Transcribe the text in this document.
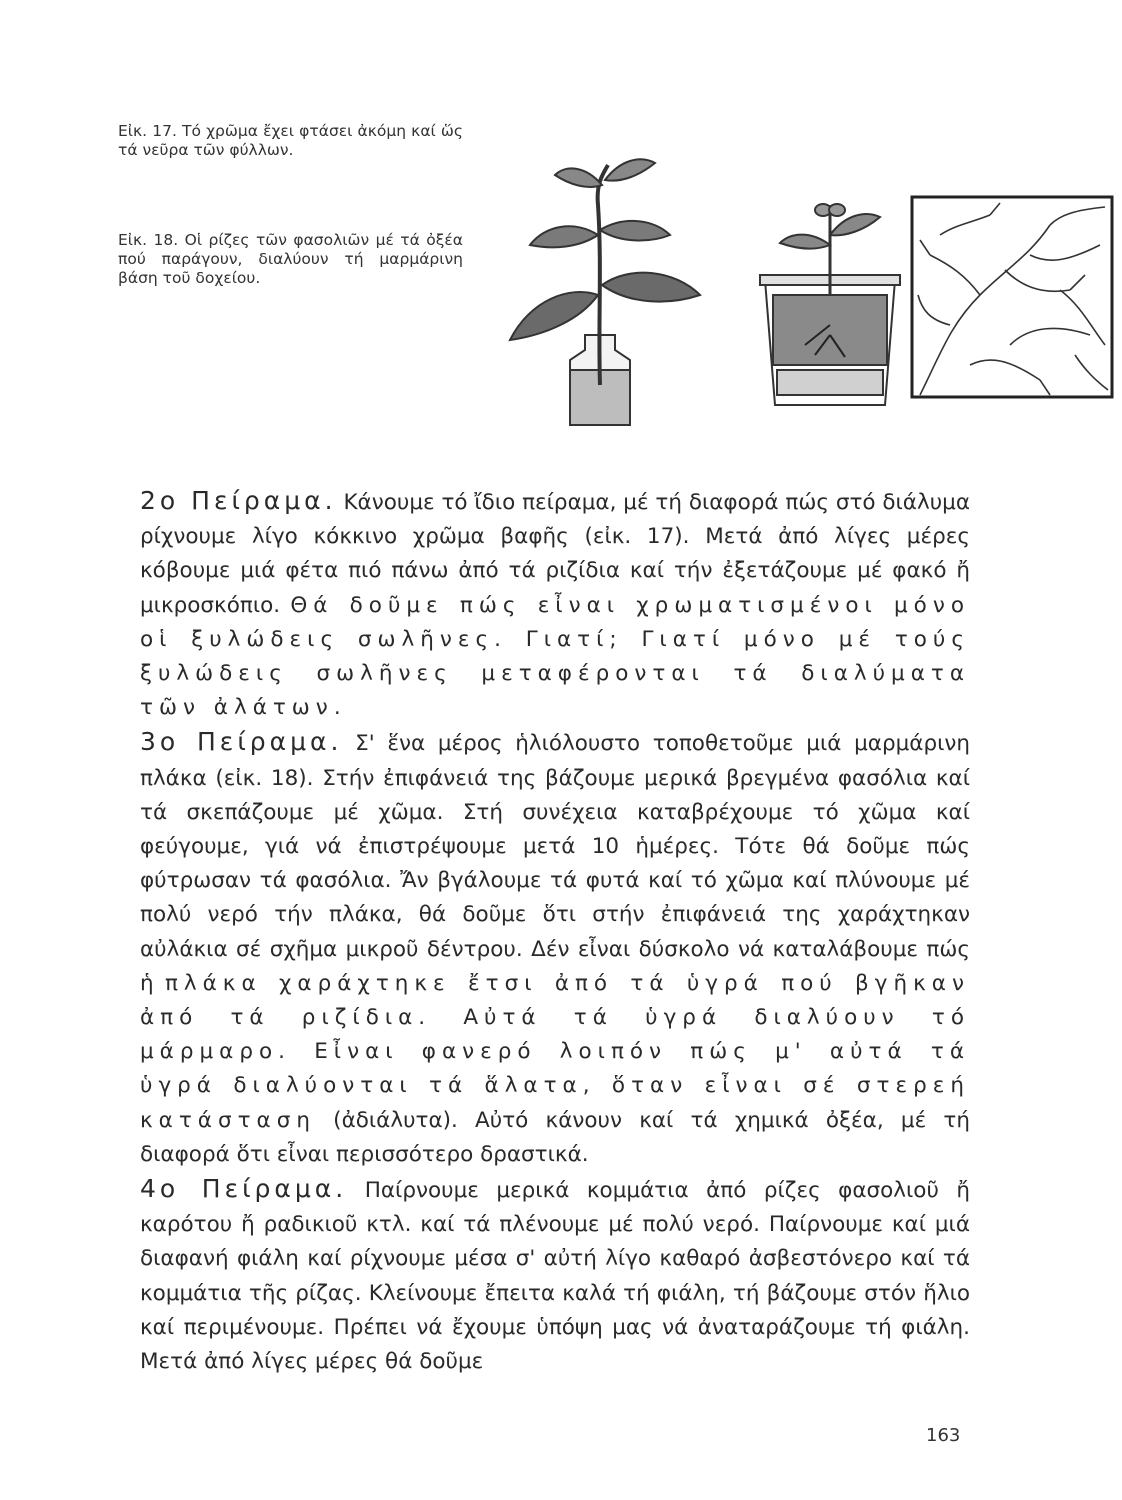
Εἰκ. 17. Τό χρῶμα ἔχει φτάσει ἀκόμη καί ὥς τά νεῦρα τῶν φύλλων.
Εἰκ. 18. Οἱ ρίζες τῶν φασολιῶν μέ τά ὀξέα πού παράγουν, διαλύουν τή μαρμάρινη βάση τοῦ δοχείου.

2ο Πείραμα. Κάνουμε τό ἴδιο πείραμα, μέ τή διαφορά πώς στό διάλυμα ρίχνουμε λίγο κόκκινο χρῶμα βαφῆς (εἰκ. 17). Μετά ἀπό λίγες μέρες κόβουμε μιά φέτα πιό πάνω ἀπό τά ριζίδια καί τήν ἐξετάζουμε μέ φακό ἤ μικροσκόπιο. Θά δοῦμε πώς εἶναι χρωματισμένοι μόνο οἱ ξυλώδεις σωλῆνες. Γιατί; Γιατί μόνο μέ τούς ξυλώδεις σωλῆνες μεταφέρονται τά διαλύματα τῶν ἀλάτων.

3ο Πείραμα. Σ' ἕνα μέρος ἡλιόλουστο τοποθετοῦμε μιά μαρμάρινη πλάκα (εἰκ. 18). Στήν ἐπιφάνειά της βάζουμε μερικά βρεγμένα φασόλια καί τά σκεπάζουμε μέ χῶμα. Στή συνέχεια καταβρέχουμε τό χῶμα καί φεύγουμε, γιά νά ἐπιστρέψουμε μετά 10 ἡμέρες. Τότε θά δοῦμε πώς φύτρωσαν τά φασόλια. Ἄν βγάλουμε τά φυτά καί τό χῶμα καί πλύνουμε μέ πολύ νερό τήν πλάκα, θά δοῦμε ὅτι στήν ἐπιφάνειά της χαράχτηκαν αὐλάκια σέ σχῆμα μικροῦ δέντρου. Δέν εἶναι δύσκολο νά καταλάβουμε πώς ἡ πλάκα χαράχτηκε ἔτσι ἀπό τά ὑγρά πού βγῆκαν ἀπό τά ριζίδια. Αὐτά τά ὑγρά διαλύουν τό μάρμαρο. Εἶναι φανερό λοιπόν πώς μ' αὐτά τά ὑγρά διαλύονται τά ἅλατα, ὅταν εἶναι σέ στερεή κατάσταση (ἀδιάλυτα). Αὐτό κάνουν καί τά χημικά ὀξέα, μέ τή διαφορά ὅτι εἶναι περισσότερο δραστικά.

4ο Πείραμα. Παίρνουμε μερικά κομμάτια ἀπό ρίζες φασολιοῦ ἤ καρότου ἤ ραδικιοῦ κτλ. καί τά πλένουμε μέ πολύ νερό. Παίρνουμε καί μιά διαφανή φιάλη καί ρίχνουμε μέσα σ' αὐτή λίγο καθαρό ἀσβεστόνερο καί τά κομμάτια τῆς ρίζας. Κλείνουμε ἔπειτα καλά τή φιάλη, τή βάζουμε στόν ἥλιο καί περιμένουμε. Πρέπει νά ἔχουμε ὑπόψη μας νά ἀναταράζουμε τή φιάλη. Μετά ἀπό λίγες μέρες θά δοῦμε

163
